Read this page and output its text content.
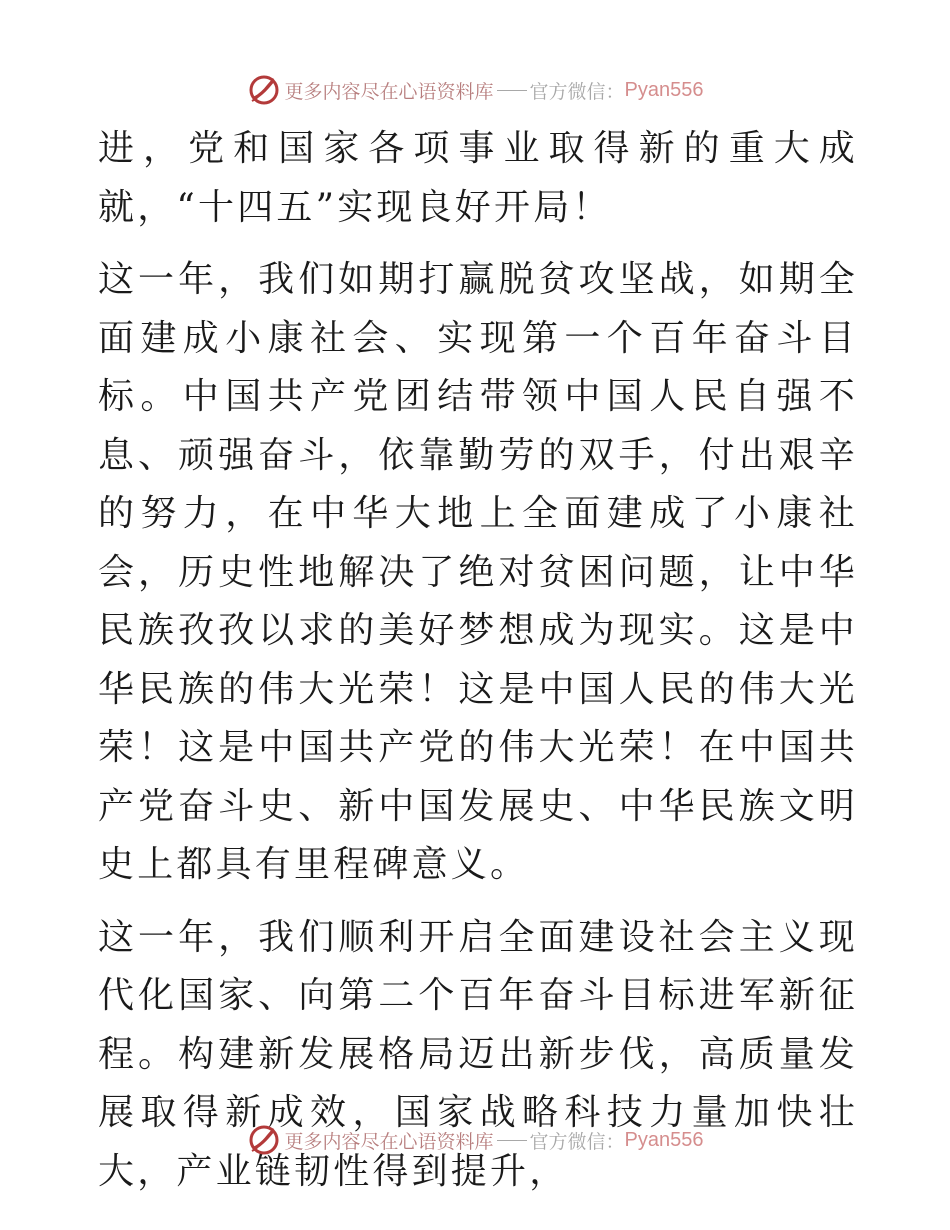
更多内容尽在心语资料库 官方微信： Pyan556

进，党和国家各项事业取得新的重大成就，“十四五”实现良好开局！

这一年，我们如期打赢脱贫攻坚战，如期全面建成小康社会、实现第一个百年奋斗目标。中国共产党团结带领中国人民自强不息、顽强奋斗，依靠勤劳的双手，付出艰辛的努力，在中华大地上全面建成了小康社会，历史性地解决了绝对贫困问题，让中华民族孜孜以求的美好梦想成为现实。这是中华民族的伟大光荣！这是中国人民的伟大光荣！这是中国共产党的伟大光荣！在中国共产党奋斗史、新中国发展史、中华民族文明史上都具有里程碑意义。

这一年，我们顺利开启全面建设社会主义现代化国家、向第二个百年奋斗目标进军新征程。构建新发展格局迈出新步伐，高质量发展取得新成效，国家战略科技力量加快壮大，产业链韧性得到提升，

更多内容尽在心语资料库 官方微信： Pyan556
